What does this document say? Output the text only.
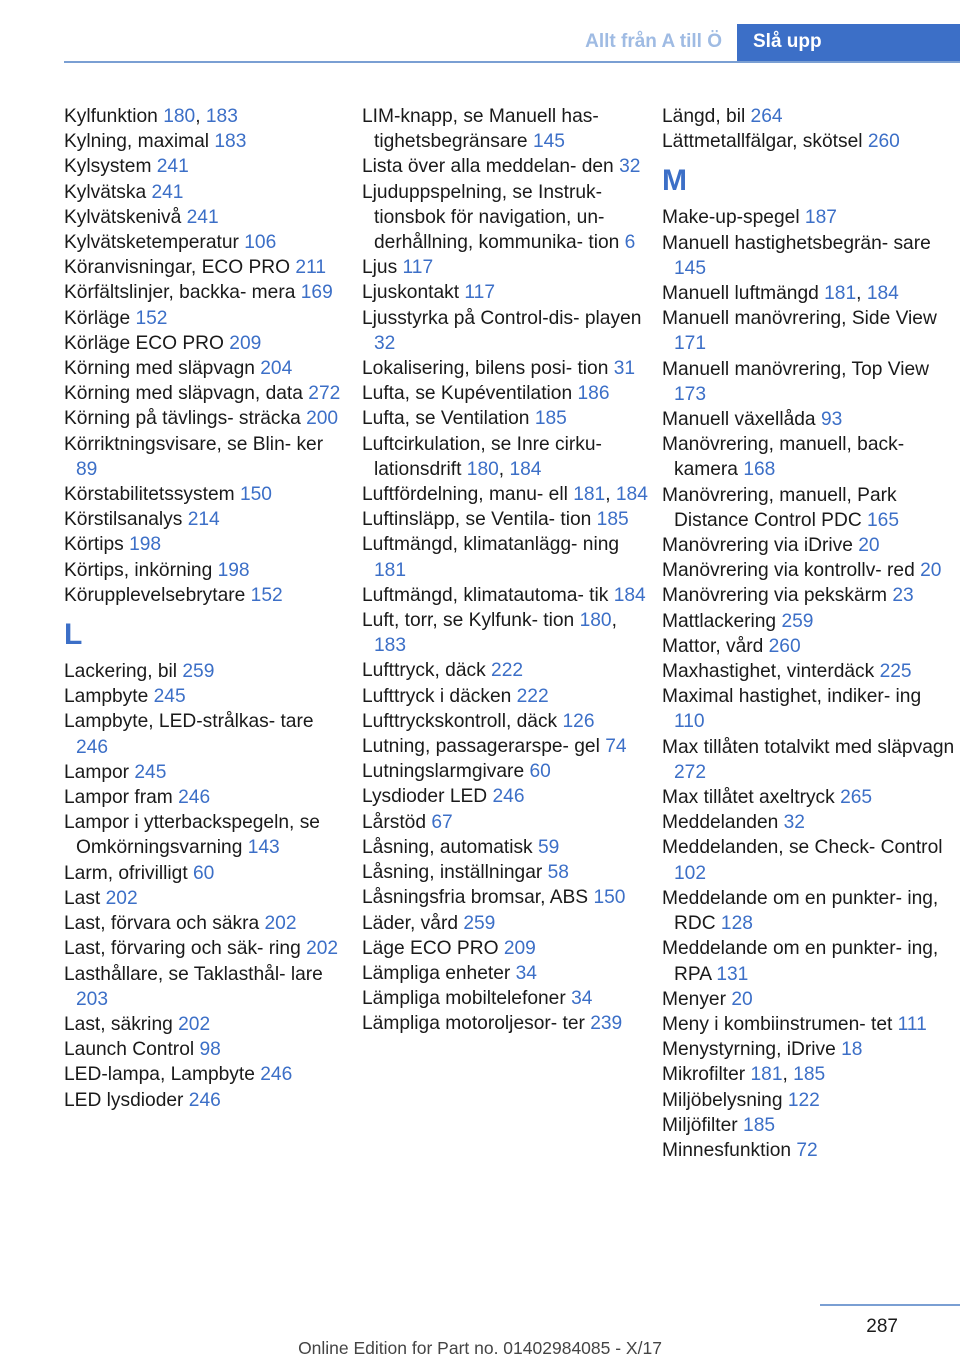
Allt från A till Ö Slå upp
Kylfunktion 180, 183
Kylning, maximal 183
Kylsystem 241
Kylvätska 241
Kylvätskenivå 241
Kylvätsketemperatur 106
Köranvisningar, ECO PRO 211
Körfältslinjer, backka‐ mera 169
Körläge 152
Körläge ECO PRO 209
Körning med släpvagn 204
Körning med släpvagn, data 272
Körning på tävlings‐ sträcka 200
Körriktningsvisare, se Blin‐ ker 89
Körstabilitetssystem 150
Körstilsanalys 214
Körtips 198
Körtips, inkörning 198
Körupplevelsebrytare 152
L
Lackering, bil 259
Lampbyte 245
Lampbyte, LED-strålkas‐ tare 246
Lampor 245
Lampor fram 246
Lampor i ytterbackspegeln, se Omkörningsvarning 143
Larm, ofrivilligt 60
Last 202
Last, förvara och säkra 202
Last, förvaring och säk‐ ring 202
Lasthållare, se Taklasthål‐ lare 203
Last, säkring 202
Launch Control 98
LED-lampa, Lampbyte 246
LED lysdioder 246
LIM-knapp, se Manuell has‐ tighetsbegränsare 145
Lista över alla meddelan‐ den 32
Ljuduppspelning, se Instruk‐ tionsbok för navigation, un‐ derhållning, kommunika‐ tion 6
Ljus 117
Ljuskontakt 117
Ljusstyrka på Control-dis‐ playen 32
Lokalisering, bilens posi‐ tion 31
Lufta, se Kupéventilation 186
Lufta, se Ventilation 185
Luftcirkulation, se Inre cirku‐ lationsdrift 180, 184
Luftfördelning, manu‐ ell 181, 184
Luftinsläpp, se Ventila‐ tion 185
Luftmängd, klimatanlägg‐ ning 181
Luftmängd, klimatautoma‐ tik 184
Luft, torr, se Kylfunk‐ tion 180, 183
Lufttryck, däck 222
Lufttryck i däcken 222
Lufttryckskontroll, däck 126
Lutning, passagerarspe‐ gel 74
Lutningslarmgivare 60
Lysdioder LED 246
Lårstöd 67
Låsning, automatisk 59
Låsning, inställningar 58
Låsningsfria bromsar, ABS 150
Läder, vård 259
Läge ECO PRO 209
Lämpliga enheter 34
Lämpliga mobiltelefoner 34
Lämpliga motoroljesor‐ ter 239
Längd, bil 264
Lättmetallfälgar, skötsel 260
M
Make-up-spegel 187
Manuell hastighetsbegrän‐ sare 145
Manuell luftmängd 181, 184
Manuell manövrering, Side View 171
Manuell manövrering, Top View 173
Manuell växellåda 93
Manövrering, manuell, back‐ kamera 168
Manövrering, manuell, Park Distance Control PDC 165
Manövrering via iDrive 20
Manövrering via kontrollv‐ red 20
Manövrering via pekskärm 23
Mattlackering 259
Mattor, vård 260
Maxhastighet, vinterdäck 225
Maximal hastighet, indiker‐ ing 110
Max tillåten totalvikt med släpvagn 272
Max tillåtet axeltryck 265
Meddelanden 32
Meddelanden, se Check- Control 102
Meddelande om en punkter‐ ing, RDC 128
Meddelande om en punkter‐ ing, RPA 131
Menyer 20
Meny i kombiinstrumen‐ tet 111
Menystyrning, iDrive 18
Mikrofilter 181, 185
Miljöbelysning 122
Miljöfilter 185
Minnesfunktion 72
287
Online Edition for Part no. 01402984085 - X/17
